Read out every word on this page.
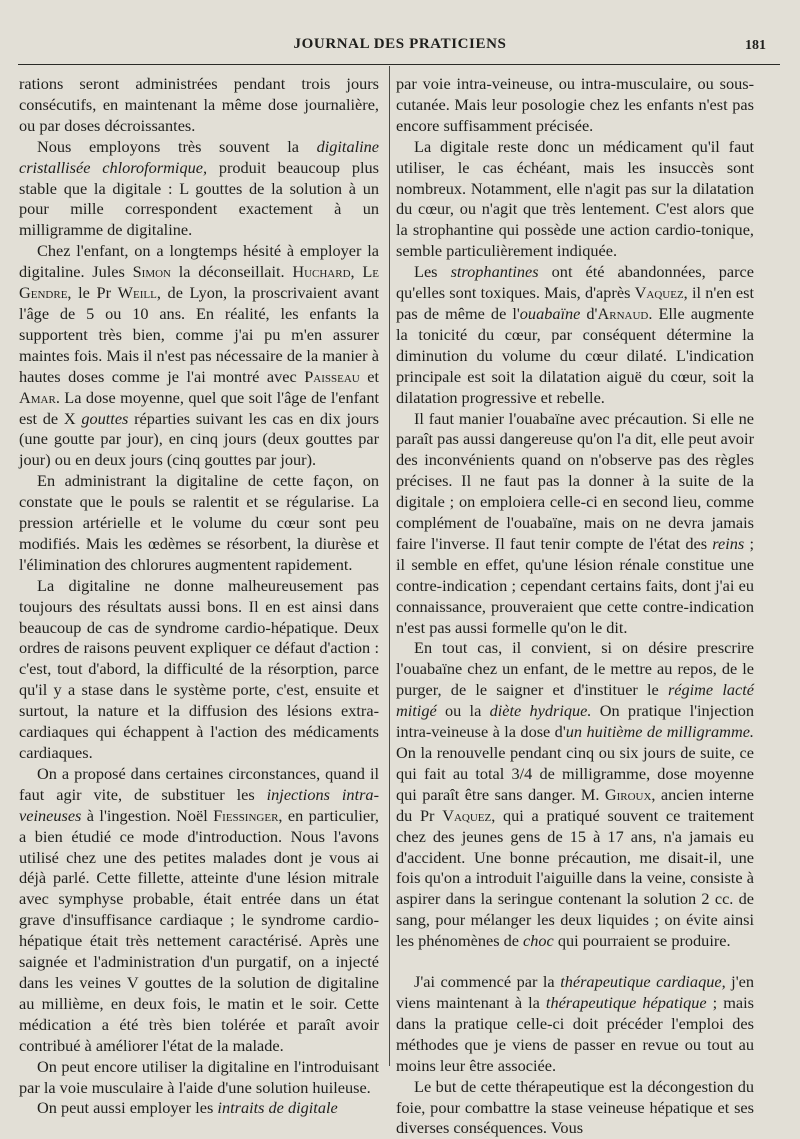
JOURNAL DES PRATICIENS	181

rations seront administrées pendant trois jours consécutifs, en maintenant la même dose journalière, ou par doses décroissantes.

Nous employons très souvent la digitaline cristallisée chloroformique, produit beaucoup plus stable que la digitale : L gouttes de la solution à un pour mille correspondent exactement à un milligramme de digitaline.

Chez l'enfant, on a longtemps hésité à employer la digitaline. Jules Simon la déconseillait. Huchard, Le Gendre, le Pr Weill, de Lyon, la proscrivaient avant l'âge de 5 ou 10 ans. En réalité, les enfants la supportent très bien, comme j'ai pu m'en assurer maintes fois. Mais il n'est pas nécessaire de la manier à hautes doses comme je l'ai montré avec Paisseau et Amar. La dose moyenne, quel que soit l'âge de l'enfant est de X gouttes réparties suivant les cas en dix jours (une goutte par jour), en cinq jours (deux gouttes par jour) ou en deux jours (cinq gouttes par jour).

En administrant la digitaline de cette façon, on constate que le pouls se ralentit et se régularise. La pression artérielle et le volume du cœur sont peu modifiés. Mais les œdèmes se résorbent, la diurèse et l'élimination des chlorures augmentent rapidement.

La digitaline ne donne malheureusement pas toujours des résultats aussi bons. Il en est ainsi dans beaucoup de cas de syndrome cardio-hépatique. Deux ordres de raisons peuvent expliquer ce défaut d'action : c'est, tout d'abord, la difficulté de la résorption, parce qu'il y a stase dans le système porte, c'est, ensuite et surtout, la nature et la diffusion des lésions extra-cardiaques qui échappent à l'action des médicaments cardiaques.

On a proposé dans certaines circonstances, quand il faut agir vite, de substituer les injections intra-veineuses à l'ingestion. Noël Fiessinger, en particulier, a bien étudié ce mode d'introduction. Nous l'avons utilisé chez une des petites malades dont je vous ai déjà parlé. Cette fillette, atteinte d'une lésion mitrale avec symphyse probable, était entrée dans un état grave d'insuffisance cardiaque ; le syndrome cardio-hépatique était très nettement caractérisé. Après une saignée et l'administration d'un purgatif, on a injecté dans les veines V gouttes de la solution de digitaline au millième, en deux fois, le matin et le soir. Cette médication a été très bien tolérée et paraît avoir contribué à améliorer l'état de la malade.

On peut encore utiliser la digitaline en l'introduisant par la voie musculaire à l'aide d'une solution huileuse.

On peut aussi employer les intraits de digitale

par voie intra-veineuse, ou intra-musculaire, ou sous-cutanée. Mais leur posologie chez les enfants n'est pas encore suffisamment précisée.

La digitale reste donc un médicament qu'il faut utiliser, le cas échéant, mais les insuccès sont nombreux. Notamment, elle n'agit pas sur la dilatation du cœur, ou n'agit que très lentement. C'est alors que la strophantine qui possède une action cardio-tonique, semble particulièrement indiquée.

Les strophantines ont été abandonnées, parce qu'elles sont toxiques. Mais, d'après Vaquez, il n'en est pas de même de l'ouabaïne d'Arnaud. Elle augmente la tonicité du cœur, par conséquent détermine la diminution du volume du cœur dilaté. L'indication principale est soit la dilatation aiguë du cœur, soit la dilatation progressive et rebelle.

Il faut manier l'ouabaïne avec précaution. Si elle ne paraît pas aussi dangereuse qu'on l'a dit, elle peut avoir des inconvénients quand on n'observe pas des règles précises. Il ne faut pas la donner à la suite de la digitale ; on emploiera celle-ci en second lieu, comme complément de l'ouabaïne, mais on ne devra jamais faire l'inverse. Il faut tenir compte de l'état des reins ; il semble en effet, qu'une lésion rénale constitue une contre-indication ; cependant certains faits, dont j'ai eu connaissance, prouveraient que cette contre-indication n'est pas aussi formelle qu'on le dit.

En tout cas, il convient, si on désire prescrire l'ouabaïne chez un enfant, de le mettre au repos, de le purger, de le saigner et d'instituer le régime lacté mitigé ou la diète hydrique. On pratique l'injection intra-veineuse à la dose d'un huitième de milligramme. On la renouvelle pendant cinq ou six jours de suite, ce qui fait au total 3/4 de milligramme, dose moyenne qui paraît être sans danger. M. Giroux, ancien interne du Pr Vaquez, qui a pratiqué souvent ce traitement chez des jeunes gens de 15 à 17 ans, n'a jamais eu d'accident. Une bonne précaution, me disait-il, une fois qu'on a introduit l'aiguille dans la veine, consiste à aspirer dans la seringue contenant la solution 2 cc. de sang, pour mélanger les deux liquides ; on évite ainsi les phénomènes de choc qui pourraient se produire.

J'ai commencé par la thérapeutique cardiaque, j'en viens maintenant à la thérapeutique hépatique ; mais dans la pratique celle-ci doit précéder l'emploi des méthodes que je viens de passer en revue ou tout au moins leur être associée.

Le but de cette thérapeutique est la décongestion du foie, pour combattre la stase veineuse hépatique et ses diverses conséquences. Vous
